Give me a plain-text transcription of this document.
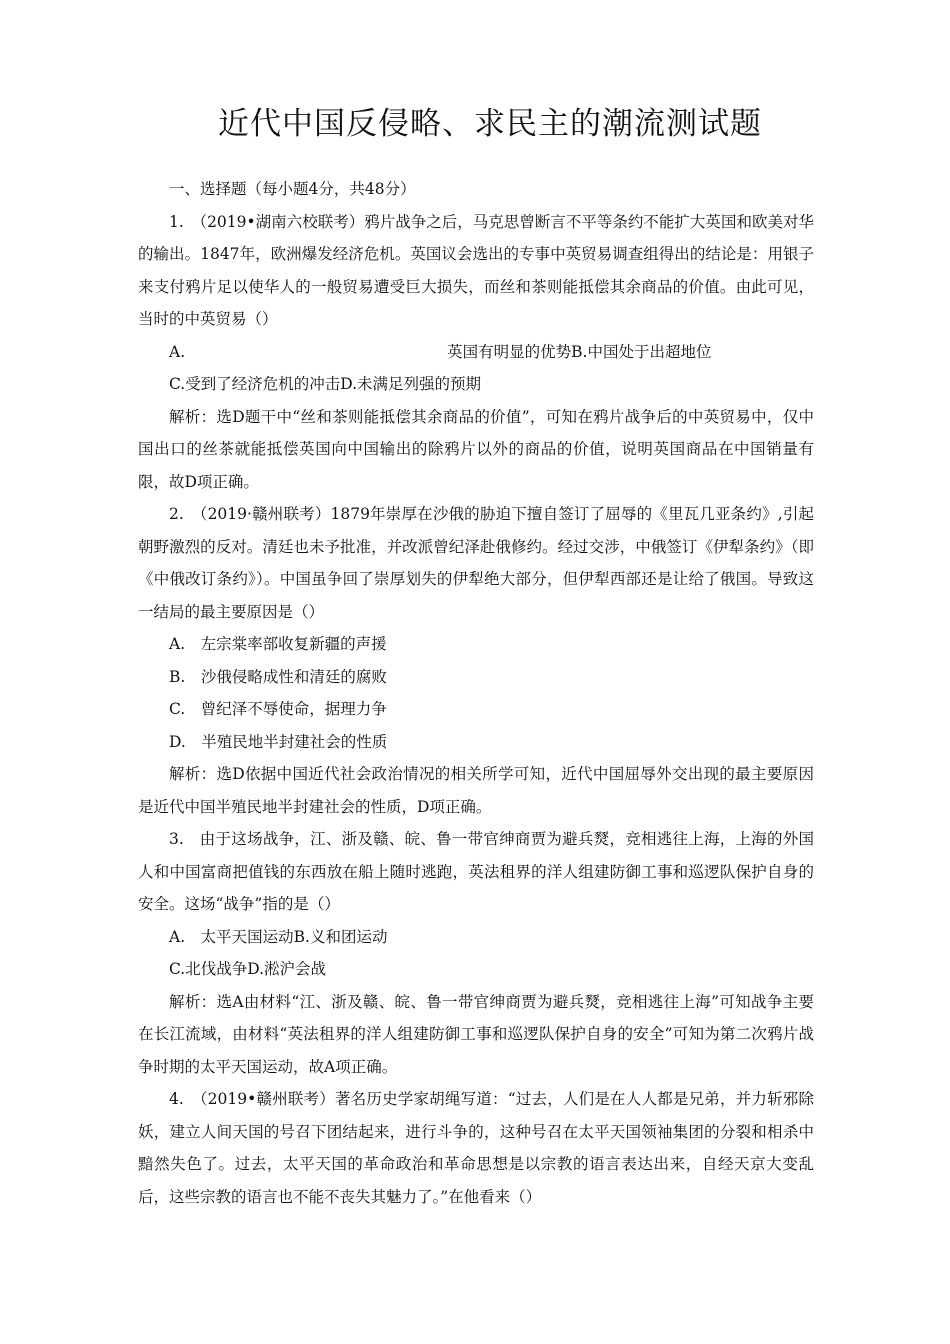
近代中国反侵略、求民主的潮流测试题

一、选择题（每小题4分，共48分）

1.　（2019•湖南六校联考）鸦片战争之后，马克思曾断言不平等条约不能扩大英国和欧美对华的输出。1847年，欧洲爆发经济危机。英国议会选出的专事中英贸易调查组得出的结论是：用银子来支付鸦片足以使华人的一般贸易遭受巨大损失，而丝和茶则能抵偿其余商品的价值。由此可见，当时的中英贸易（）

A.	英国有明显的优势B.中国处于出超地位

C.受到了经济危机的冲击D.未满足列强的预期

解析：选D题干中“丝和茶则能抵偿其余商品的价值”，可知在鸦片战争后的中英贸易中，仅中国出口的丝茶就能抵偿英国向中国输出的除鸦片以外的商品的价值，说明英国商品在中国销量有限，故D项正确。

2.　（2019·赣州联考）1879年崇厚在沙俄的胁迫下擅自签订了屈辱的《里瓦几亚条约》,引起朝野激烈的反对。清廷也未予批准，并改派曾纪泽赴俄修约。经过交涉，中俄签订《伊犁条约》（即《中俄改订条约》）。中国虽争回了崇厚划失的伊犁绝大部分，但伊犁西部还是让给了俄国。导致这一结局的最主要原因是（）

A.　左宗棠率部收复新疆的声援

B.　沙俄侵略成性和清廷的腐败

C.　曾纪泽不辱使命，据理力争

D.　半殖民地半封建社会的性质

解析：选D依据中国近代社会政治情况的相关所学可知，近代中国屈辱外交出现的最主要原因是近代中国半殖民地半封建社会的性质，D项正确。

3.　由于这场战争，江、浙及赣、皖、鲁一带官绅商贾为避兵燹，竞相逃往上海，上海的外国人和中国富商把值钱的东西放在船上随时逃跑，英法租界的洋人组建防御工事和巡逻队保护自身的安全。这场“战争”指的是（）

A.　太平天国运动B.义和团运动

C.北伐战争D.淞沪会战

解析：选A由材料“江、浙及赣、皖、鲁一带官绅商贾为避兵燹，竞相逃往上海”可知战争主要在长江流域，由材料“英法租界的洋人组建防御工事和巡逻队保护自身的安全”可知为第二次鸦片战争时期的太平天国运动，故A项正确。

4.　（2019•赣州联考）著名历史学家胡绳写道：“过去，人们是在人人都是兄弟，并力斩邪除妖，建立人间天国的号召下团结起来，进行斗争的，这种号召在太平天国领袖集团的分裂和相杀中黯然失色了。过去，太平天国的革命政治和革命思想是以宗教的语言表达出来，自经天京大变乱后，这些宗教的语言也不能不丧失其魅力了。”在他看来（）
